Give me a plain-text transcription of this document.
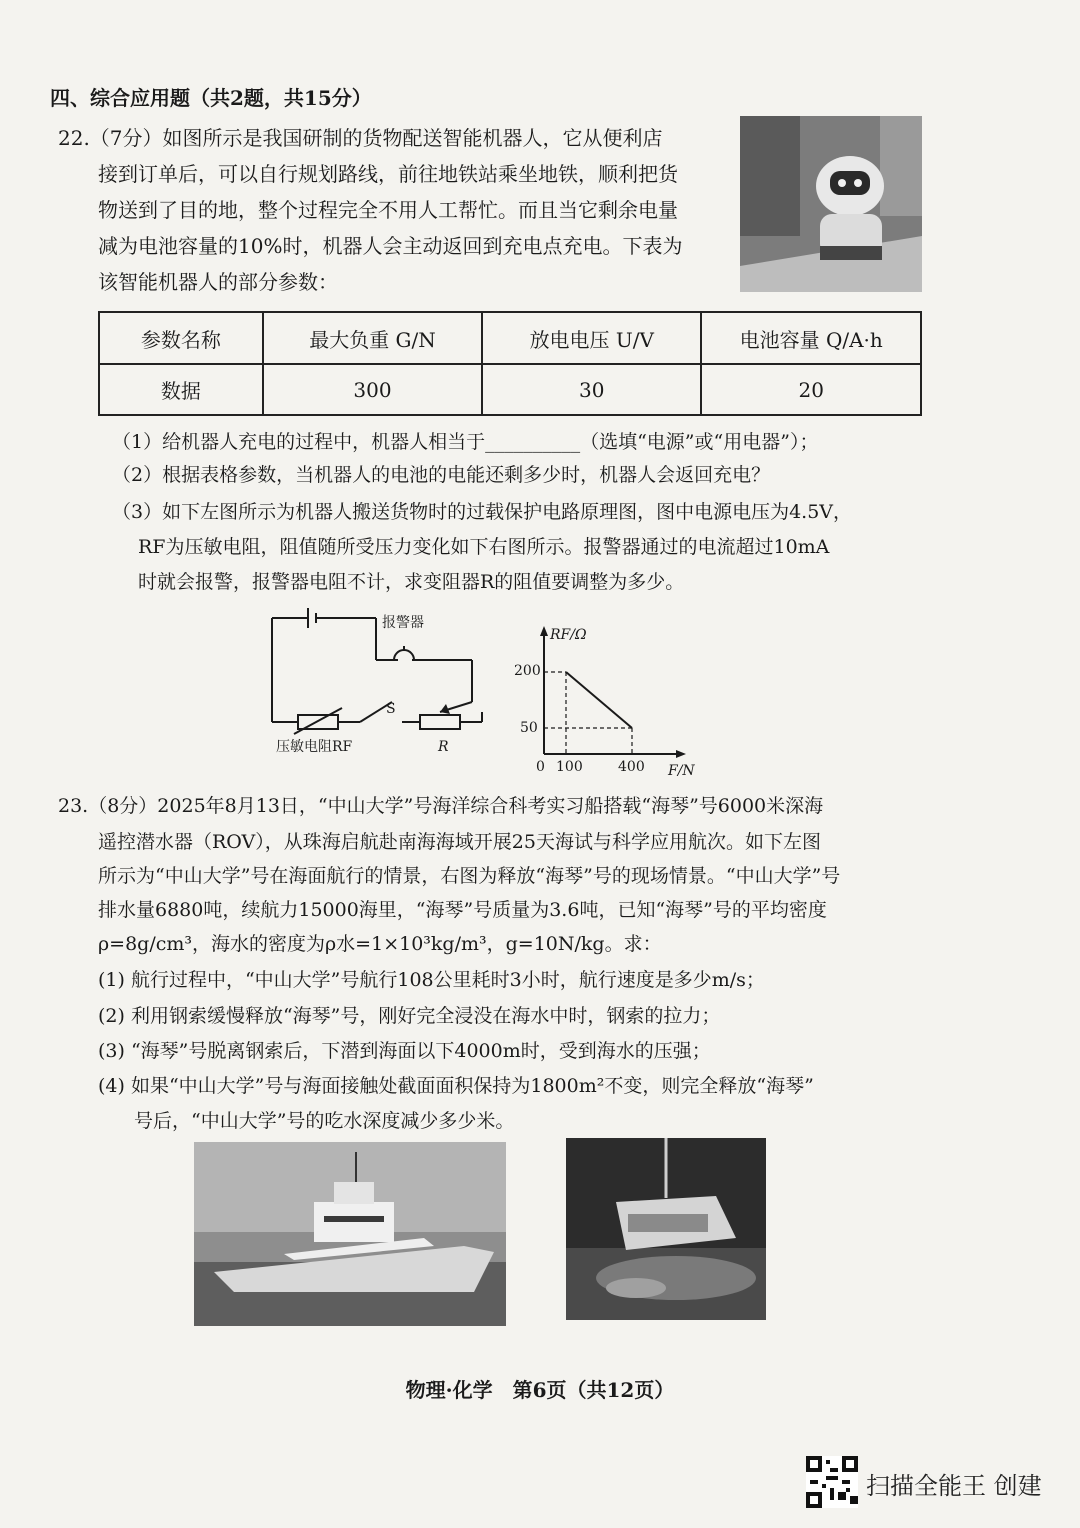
四、综合应用题（共2题，共15分）
22.（7分）如图所示是我国研制的货物配送智能机器人，它从便利店
接到订单后，可以自行规划路线，前往地铁站乘坐地铁，顺利把货
物送到了目的地，整个过程完全不用人工帮忙。而且当它剩余电量
减为电池容量的10%时，机器人会主动返回到充电点充电。下表为
该智能机器人的部分参数：
参数名称	最大负重 G/N	放电电压 U/V	电池容量 Q/A·h
数据	300	30	20
（1）给机器人充电的过程中，机器人相当于__________（选填“电源”或“用电器”）；
（2）根据表格参数，当机器人的电池的电能还剩多少时，机器人会返回充电？
（3）如下左图所示为机器人搬送货物时的过载保护电路原理图，图中电源电压为4.5V，
RF为压敏电阻，阻值随所受压力变化如下右图所示。报警器通过的电流超过10mA
时就会报警，报警器电阻不计，求变阻器R的阻值要调整为多少。
报警器
S
压敏电阻RF	R
RF/Ω
200
50
0 100	400 F/N
23.（8分）2025年8月13日，“中山大学”号海洋综合科考实习船搭载“海琴”号6000米深海
遥控潜水器（ROV），从珠海启航赴南海海域开展25天海试与科学应用航次。如下左图
所示为“中山大学”号在海面航行的情景，右图为释放“海琴”号的现场情景。“中山大学”号
排水量6880吨，续航力15000海里，“海琴”号质量为3.6吨，已知“海琴”号的平均密度
ρ=8g/cm³，海水的密度为ρ水=1×10³kg/m³，g=10N/kg。求：
(1) 航行过程中，“中山大学”号航行108公里耗时3小时，航行速度是多少m/s；
(2) 利用钢索缓慢释放“海琴”号，刚好完全浸没在海水中时，钢索的拉力；
(3) “海琴”号脱离钢索后，下潜到海面以下4000m时，受到海水的压强；
(4) 如果“中山大学”号与海面接触处截面面积保持为1800m²不变，则完全释放“海琴”
号后，“中山大学”号的吃水深度减少多少米。
物理·化学　第6页（共12页）
扫描全能王 创建
